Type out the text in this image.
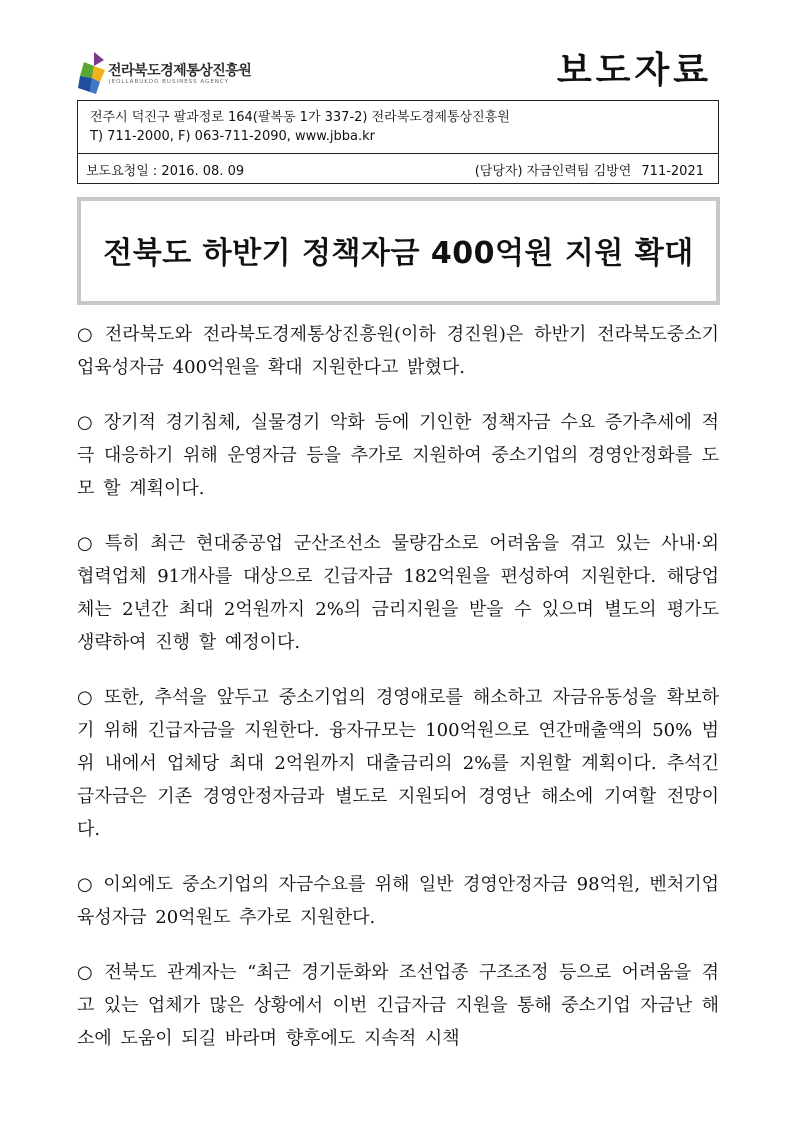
전라북도경제통상진흥원
JEOLLABUKDO BUSINESS AGENCY	보도자료
전주시 덕진구 팔과정로 164(팔복동 1가 337-2) 전라북도경제통상진흥원
T) 711-2000, F) 063-711-2090, www.jbba.kr
보도요청일 : 2016. 08. 09	(담당자) 자금인력팀 김방연 711-2021
전북도 하반기 정책자금 400억원 지원 확대

○ 전라북도와 전라북도경제통상진흥원(이하 경진원)은 하반기 전라북도중소기업육성자금 400억원을 확대 지원한다고 밝혔다.

○ 장기적 경기침체, 실물경기 악화 등에 기인한 정책자금 수요 증가추세에 적극 대응하기 위해 운영자금 등을 추가로 지원하여 중소기업의 경영안정화를 도모 할 계획이다.

○ 특히 최근 현대중공업 군산조선소 물량감소로 어려움을 겪고 있는 사내·외 협력업체 91개사를 대상으로 긴급자금 182억원을 편성하여 지원한다. 해당업체는 2년간 최대 2억원까지 2%의 금리지원을 받을 수 있으며 별도의 평가도 생략하여 진행 할 예정이다.

○ 또한, 추석을 앞두고 중소기업의 경영애로를 해소하고 자금유동성을 확보하기 위해 긴급자금을 지원한다. 융자규모는 100억원으로 연간매출액의 50% 범위 내에서 업체당 최대 2억원까지 대출금리의 2%를 지원할 계획이다. 추석긴급자금은 기존 경영안정자금과 별도로 지원되어 경영난 해소에 기여할 전망이다.

○ 이외에도 중소기업의 자금수요를 위해 일반 경영안정자금 98억원, 벤처기업육성자금 20억원도 추가로 지원한다.

○ 전북도 관계자는 “최근 경기둔화와 조선업종 구조조정 등으로 어려움을 겪고 있는 업체가 많은 상황에서 이번 긴급자금 지원을 통해 중소기업 자금난 해소에 도움이 되길 바라며 향후에도 지속적 시책
